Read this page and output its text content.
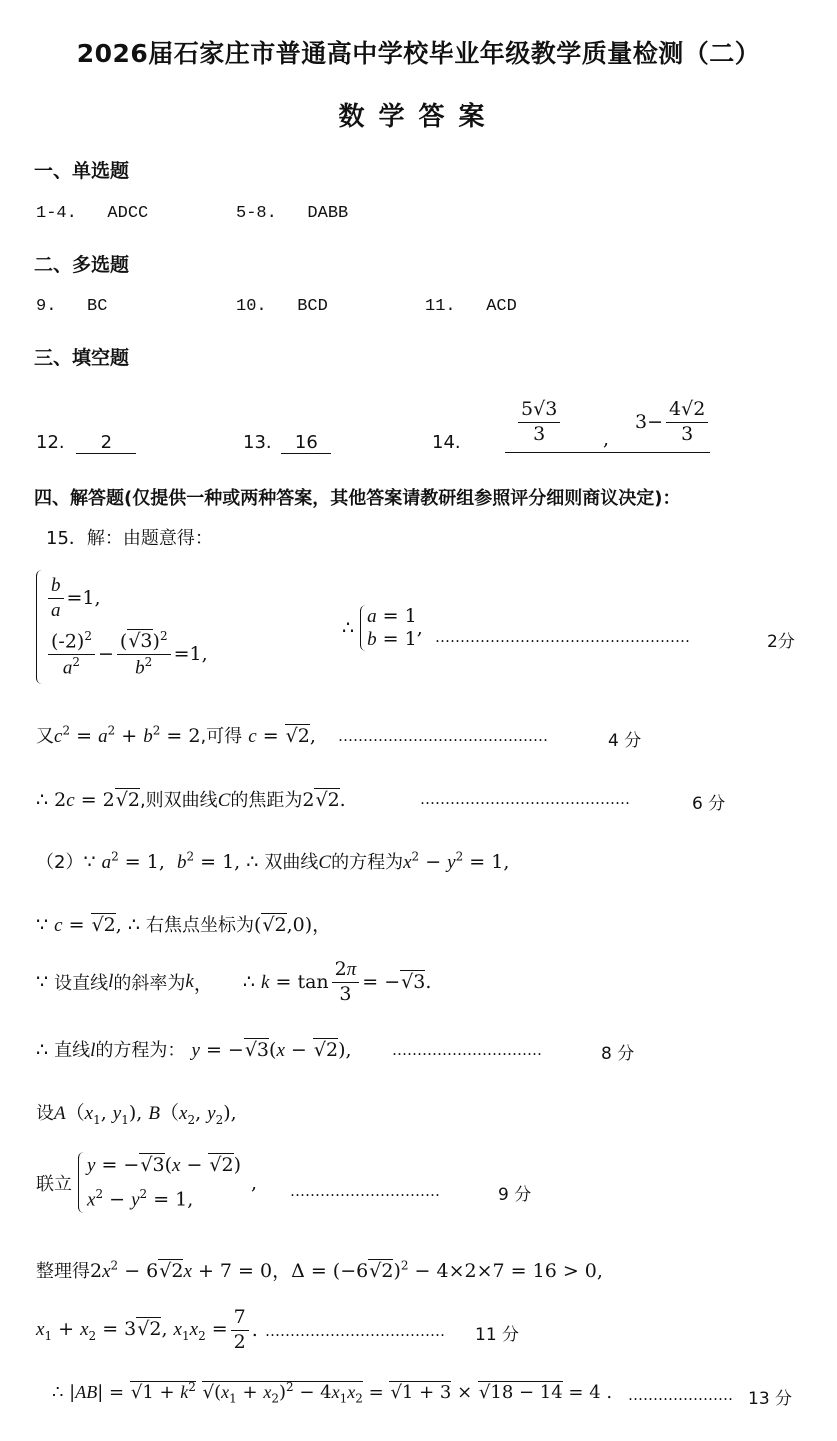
2026届石家庄市普通高中学校毕业年级教学质量检测（二）
数学答案
一、单选题
1-4. ADCC	5-8. DABB
二、多选题
9. BC	10. BCD	11. ACD
三、填空题
12. 2	13. 16	14.	$\frac{5√3}{3}$ ,
$3- \frac{4√2}{3}$
四、解答题(仅提供一种或两种答案，其他答案请教研组参照评分细则商议决定)：
15．解：由题意得：
$\frac{b}{a} =1$,
$\frac{(-2)^2}{a^2} - \frac{(√3)^2}{b^2} =1$,
∴
a = 1
b = 1 , ……………………………………………	2分
又$c^2 = a^2 + b^2 = 2$,可得 c = √2, ……………………………………	4 分
∴ 2c = 2√2,则双曲线C的焦距为2√2.	……………………………………	6 分
（2）∵ $a^2 = 1$,  $b^2 = 1$, ∴ 双曲线C的方程为$x^2 - y^2 = 1$,
∵ c = √2, ∴ 右焦点坐标为(√2,0)，
∵ 设直线 l 的斜率为 k ， ∴ $k = \tan \frac{2\pi}{3} = -√3$.
∴ 直线l的方程为： y = −√3(x − √2),	…………………………	8 分
设$A(x_1$, $y_1$), $B(x_2$, $y_2$),
联立
y = −√3(x − √2)
$x^2 - y^2 = 1$,
, …………………………	9 分
整理得$2x^2 - 6√2x + 7 = 0$，$\Delta = (-6√2)^2 - 4\times 2\times 7 = 16 > 0$,
$x_1 + x_2 = 3√2$, $x_1x_2 = \frac{7}{2}$ . ……………………………… 11 分
∴ $|AB| = √1 + k^2$ $√(x_1 + x_2)^2 - 4x_1x_2 = √1 + 3 \times √18 - 14 = 4$ . ………………… 13 分
